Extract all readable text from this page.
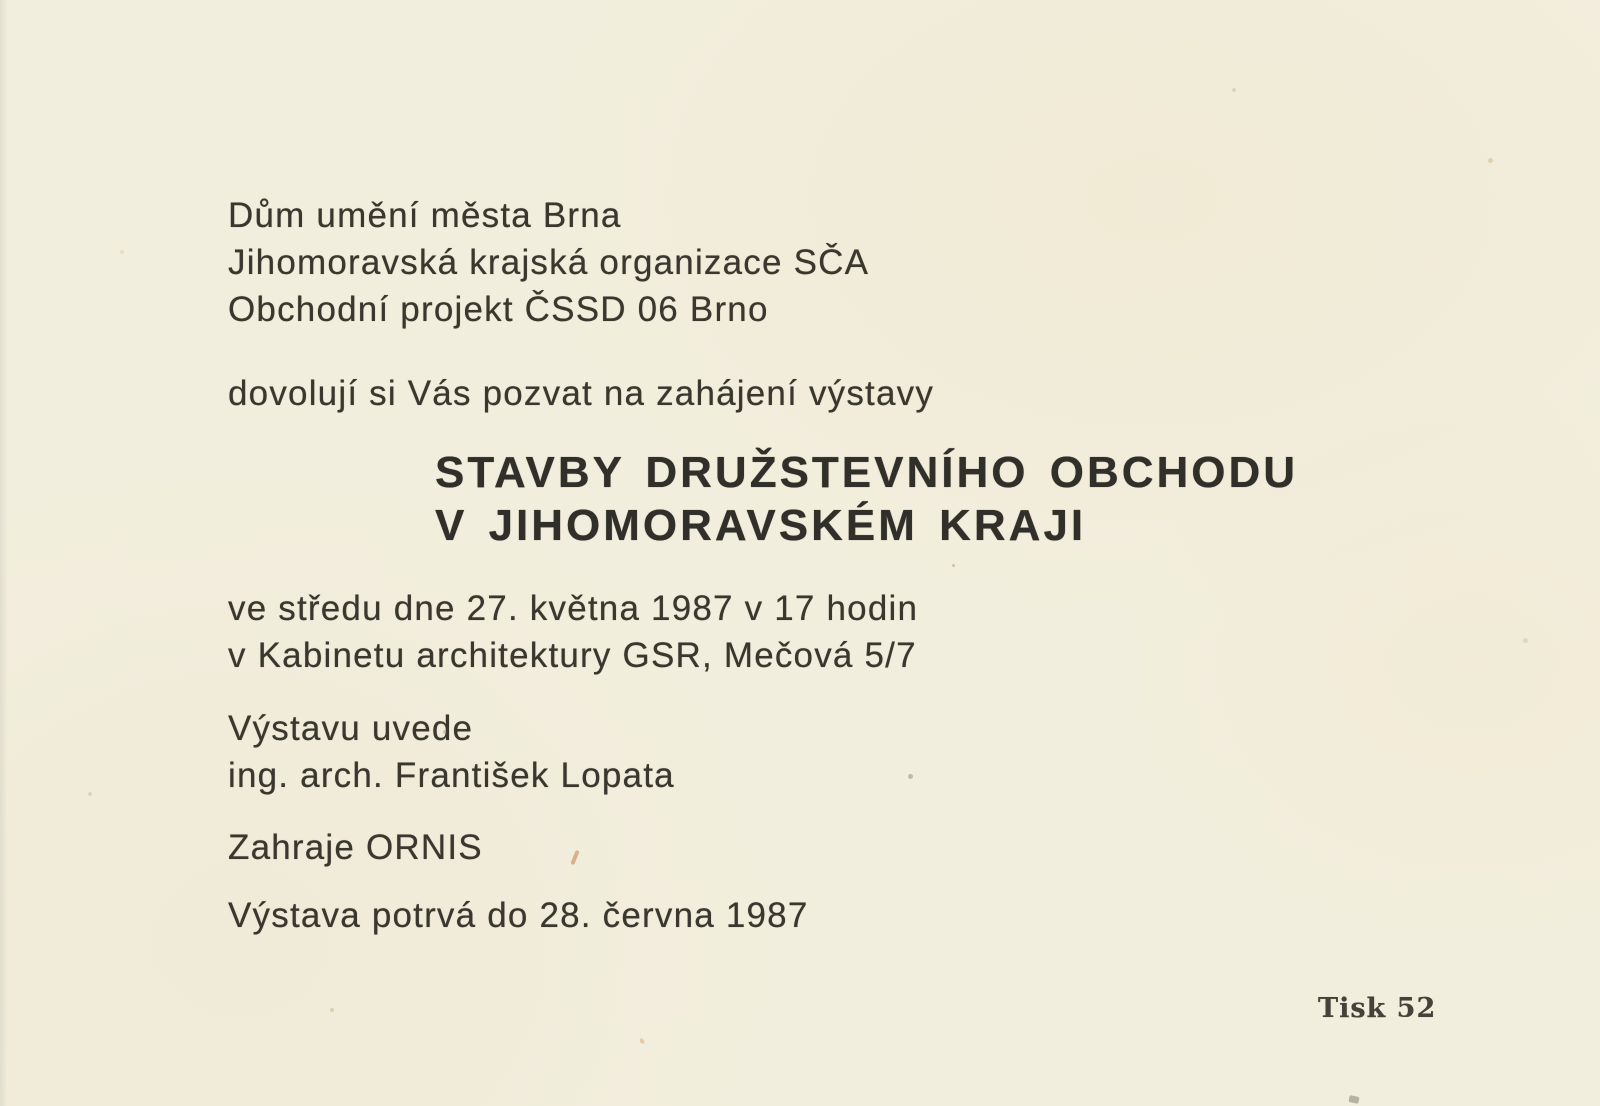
Dům umění města Brna
Jihomoravská krajská organizace SČA
Obchodní projekt ČSSD 06 Brno
dovolují si Vás pozvat na zahájení výstavy
STAVBY DRUŽSTEVNÍHO OBCHODU
V JIHOMORAVSKÉM KRAJI
ve středu dne 27. května 1987 v 17 hodin
v Kabinetu architektury GSR, Mečová 5/7
Výstavu uvede
ing. arch. František Lopata
Zahraje ORNIS
Výstava potrvá do 28. června 1987
Tisk 52
